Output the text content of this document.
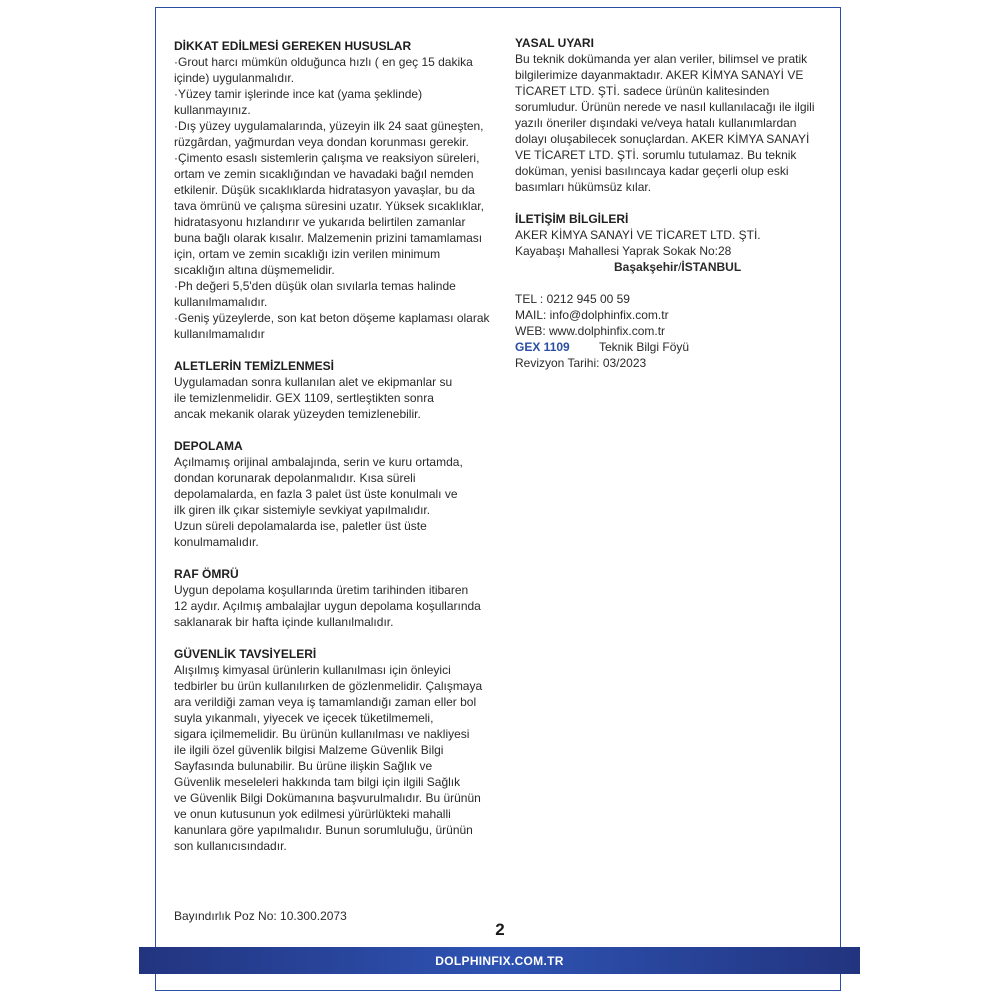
DİKKAT EDİLMESİ GEREKEN HUSUSLAR
·Grout harcı mümkün olduğunca hızlı ( en geç 15 dakika
içinde) uygulanmalıdır.
·Yüzey tamir işlerinde ince kat (yama şeklinde)
kullanmayınız.
·Dış yüzey uygulamalarında, yüzeyin ilk 24 saat güneşten,
rüzgârdan, yağmurdan veya dondan korunması gerekir.
·Çimento esaslı sistemlerin çalışma ve reaksiyon süreleri,
ortam ve zemin sıcaklığından ve havadaki bağıl nemden
etkilenir. Düşük sıcaklıklarda hidratasyon yavaşlar, bu da
tava ömrünü ve çalışma süresini uzatır. Yüksek sıcaklıklar,
hidratasyonu hızlandırır ve yukarıda belirtilen zamanlar
buna bağlı olarak kısalır. Malzemenin prizini tamamlaması
için, ortam ve zemin sıcaklığı izin verilen minimum
sıcaklığın altına düşmemelidir.
·Ph değeri 5,5'den düşük olan sıvılarla temas halinde
kullanılmamalıdır.
·Geniş yüzeylerde, son kat beton döşeme kaplaması olarak
kullanılmamalıdır
ALETLERİN TEMİZLENMESİ
Uygulamadan sonra kullanılan alet ve ekipmanlar su
ile temizlenmelidir. GEX 1109, sertleştikten sonra
ancak mekanik olarak yüzeyden temizlenebilir.
DEPOLAMA
Açılmamış orijinal ambalajında, serin ve kuru ortamda,
dondan korunarak depolanmalıdır. Kısa süreli
depolamalarda, en fazla 3 palet üst üste konulmalı ve
ilk giren ilk çıkar sistemiyle sevkiyat yapılmalıdır.
Uzun süreli depolamalarda ise, paletler üst üste
konulmamalıdır.
RAF ÖMRÜ
Uygun depolama koşullarında üretim tarihinden itibaren
12 aydır. Açılmış ambalajlar uygun depolama koşullarında
saklanarak bir hafta içinde kullanılmalıdır.
GÜVENLİK TAVSİYELERİ
Alışılmış kimyasal ürünlerin kullanılması için önleyici
tedbirler bu ürün kullanılırken de gözlenmelidir. Çalışmaya
ara verildiği zaman veya iş tamamlandığı zaman eller bol
suyla yıkanmalı, yiyecek ve içecek tüketilmemeli,
sigara içilmemelidir. Bu ürünün kullanılması ve nakliyesi
ile ilgili özel güvenlik bilgisi Malzeme Güvenlik Bilgi
Sayfasında bulunabilir. Bu ürüne ilişkin Sağlık ve
Güvenlik meseleleri hakkında tam bilgi için ilgili Sağlık
ve Güvenlik Bilgi Dokümanına başvurulmalıdır. Bu ürünün
ve onun kutusunun yok edilmesi yürürlükteki mahalli
kanunlara göre yapılmalıdır. Bunun sorumluluğu, ürünün
son kullanıcısındadır.
YASAL UYARI
Bu teknik dokümanda yer alan veriler, bilimsel ve pratik
bilgilerimize dayanmaktadır. AKER KİMYA SANAYİ VE
TİCARET LTD. ŞTİ. sadece ürünün kalitesinden
sorumludur. Ürünün nerede ve nasıl kullanılacağı ile ilgili
yazılı öneriler dışındaki ve/veya hatalı kullanımlardan
dolayı oluşabilecek sonuçlardan. AKER KİMYA SANAYİ
VE TİCARET LTD. ŞTİ. sorumlu tutulamaz. Bu teknik
doküman, yenisi basılıncaya kadar geçerli olup eski
basımları hükümsüz kılar.
İLETİŞİM BİLGİLERİ
AKER KİMYA SANAYİ VE TİCARET LTD. ŞTİ.
Kayabaşı Mahallesi Yaprak Sokak No:28
Başakşehir/İSTANBUL
TEL : 0212 945 00 59
MAIL: info@dolphinfix.com.tr
WEB: www.dolphinfix.com.tr
GEX 1109	Teknik Bilgi Föyü
Revizyon Tarihi: 03/2023
Bayındırlık Poz No: 10.300.2073
2
DOLPHINFIX.COM.TR
